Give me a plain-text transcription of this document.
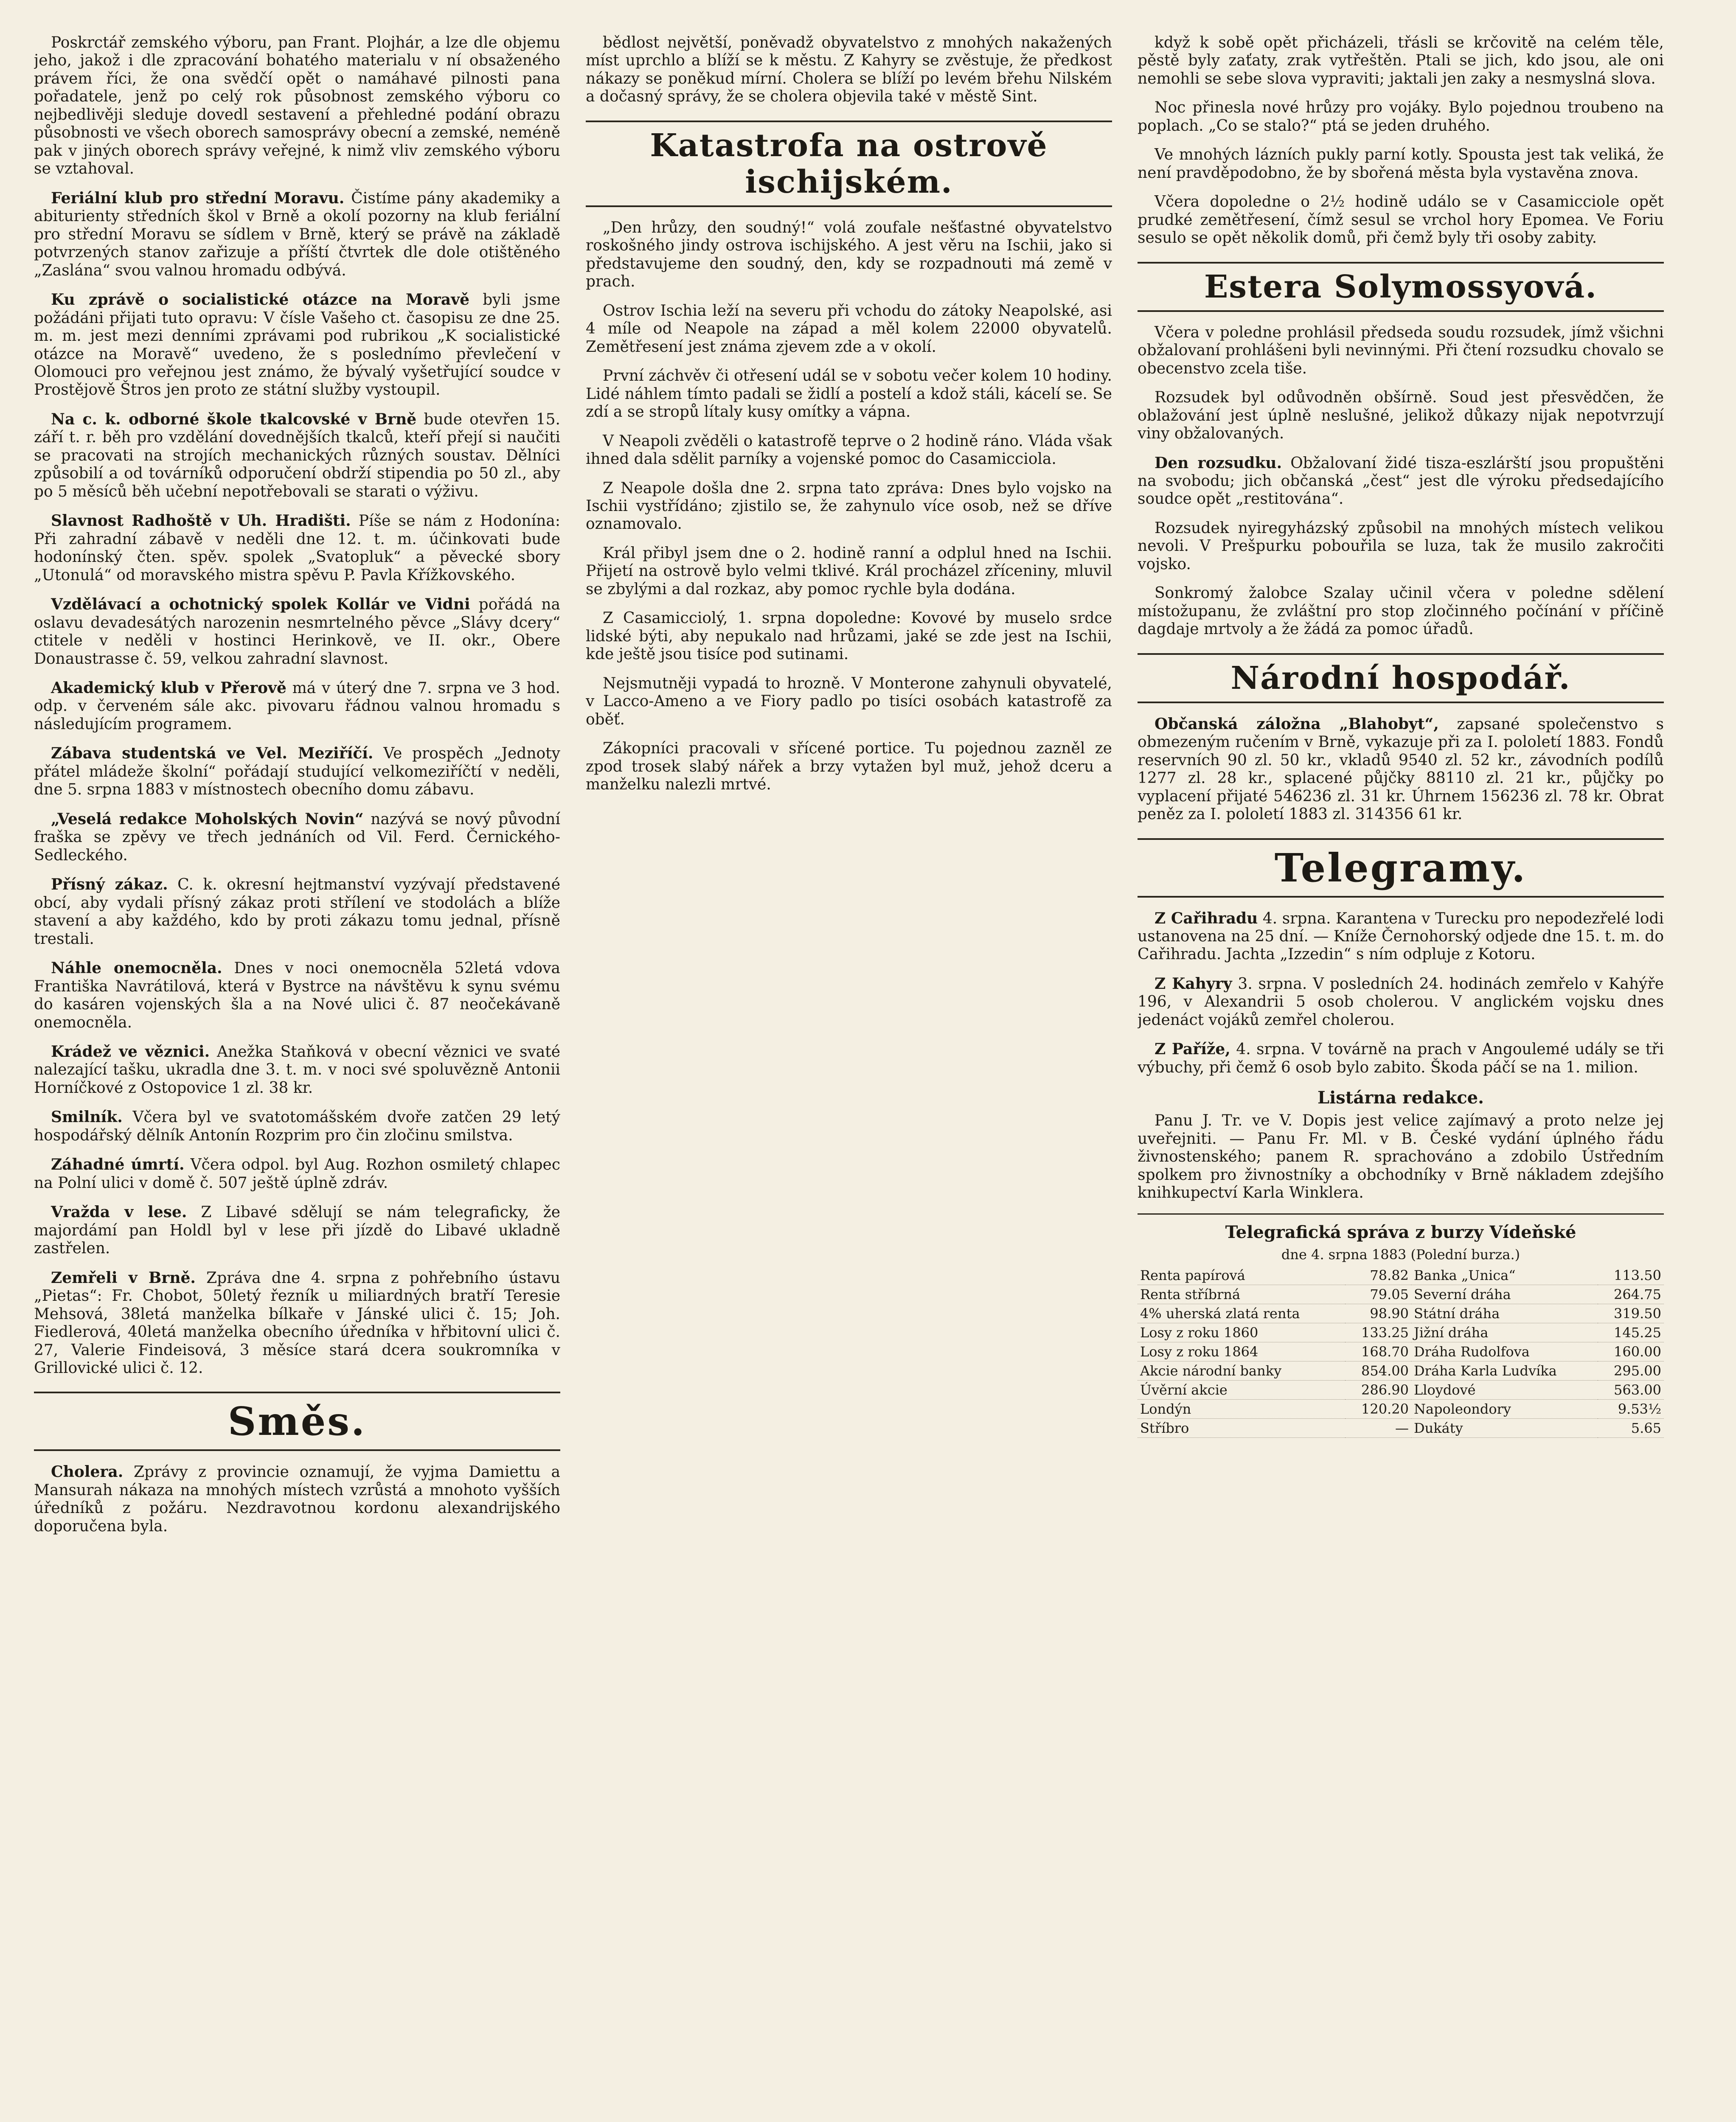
Poskrctář zemského výboru, pan Frant. Plojhár, a lze dle objemu jeho, jakož i dle zpracování bohatého materialu v ní obsaženého právem říci, že ona svědčí opět o namáhavé pilnosti pana pořadatele, jenž po celý rok působnost zemského výboru co nejbedlivěji sleduje dovedl sestavení a přehledné podání obrazu působnosti ve všech oborech samosprávy obecní a zemské, neméně pak v jiných oborech správy veřejné, k nimž vliv zemského výboru se vztahoval.

Feriální klub pro střední Moravu. Čistíme pány akademiky a abiturienty středních škol v Brně a okolí pozorny na klub feriální pro střední Moravu se sídlem v Brně, který se právě na základě potvrzených stanov zařizuje a příští čtvrtek dle dole otištěného „Zaslána“ svou valnou hromadu odbývá.

Ku zprávě o socialistické otázce na Moravě byli jsme požádáni přijati tuto opravu: V čísle Vašeho ct. časopisu ze dne 25. m. m. jest mezi denními zprávami pod rubrikou „K socialistické otázce na Moravě“ uvedeno, že s poslednímo převlečení v Olomouci pro veřejnou jest známo, že bývalý vyšetřující soudce v Prostějově Štros jen proto ze státní služby vystoupil.

Na c. k. odborné škole tkalcovské v Brně bude otevřen 15. září t. r. běh pro vzdělání dovednějších tkalců, kteří přejí si naučiti se pracovati na strojích mechanických různých soustav. Dělníci způsobilí a od továrníků odporučení obdrží stipendia po 50 zl., aby po 5 měsíců běh učební nepotřebovali se starati o výživu.

Slavnost Radhoště v Uh. Hradišti. Píše se nám z Hodonína: Při zahradní zábavě v neděli dne 12. t. m. účinkovati bude hodonínský čten. spěv. spolek „Svatopluk“ a pěvecké sbory „Utonulá“ od moravského mistra spěvu P. Pavla Křížkovského.

Vzdělávací a ochotnický spolek Kollár ve Vidni pořádá na oslavu devadesátých narozenin nesmrtelného pěvce „Slávy dcery“ ctitele v neděli v hostinci Herinkově, ve II. okr., Obere Donaustrasse č. 59, velkou zahradní slavnost.

Akademický klub v Přerově má v úterý dne 7. srpna ve 3 hod. odp. v červeném sále akc. pivovaru řádnou valnou hromadu s následujícím programem.

Zábava studentská ve Vel. Meziříčí. Ve prospěch „Jednoty přátel mládeže školní“ pořádají studující velkomeziříčtí v neděli, dne 5. srpna 1883 v místnostech obecního domu zábavu.

„Veselá redakce Moholských Novin“ nazývá se nový původní fraška se zpěvy ve třech jednáních od Vil. Ferd. Černického-Sedleckého.

Přísný zákaz. C. k. okresní hejtmanství vyzývají představené obcí, aby vydali přísný zákaz proti střílení ve stodolách a blíže stavení a aby každého, kdo by proti zákazu tomu jednal, přísně trestali.

Náhle onemocněla. Dnes v noci onemocněla 52letá vdova Františka Navrátilová, která v Bystrce na návštěvu k synu svému do kasáren vojenských šla a na Nové ulici č. 87 neočekávaně onemocněla.

Krádež ve věznici. Anežka Staňková v obecní věznici ve svaté nalezající tašku, ukradla dne 3. t. m. v noci své spoluvězně Antonii Horníčkové z Ostopovice 1 zl. 38 kr.

Smilník. Včera byl ve svatotomášském dvoře zatčen 29 letý hospodářský dělník Antonín Rozprim pro čin zločinu smilstva.

Záhadné úmrtí. Včera odpol. byl Aug. Rozhon osmiletý chlapec na Polní ulici v domě č. 507 ještě úplně zdráv.

Vražda v lese. Z Libavé sdělují se nám telegraficky, že majordámí pan Holdl byl v lese při jízdě do Libavé ukladně zastřelen.

Zemřeli v Brně. Zpráva dne 4. srpna z pohřebního ústavu „Pietas“: Fr. Chobot, 50letý řezník u miliardných bratří Teresie Mehsová, 38letá manželka bílkaře v Jánské ulici č. 15; Joh. Fiedlerová, 40letá manželka obecního úředníka v hřbitovní ulici č. 27, Valerie Findeisová, 3 měsíce stará dcera soukromníka v Grillovické ulici č. 12.

Směs.

Cholera. Zprávy z provincie oznamují, že vyjma Damiettu a Mansurah nákaza na mnohých místech vzrůstá a mnohoto vyšších úředníků z požáru. Nezdravotnou kordonu alexandrijského doporučena byla.

bědlost největší, poněvadž obyvatelstvo z mnohých nakažených míst uprchlo a blíží se k městu. Z Kahyry se zvěstuje, že předkost nákazy se poněkud mírní. Cholera se blíží po levém břehu Nilském a dočasný správy, že se cholera objevila také v městě Sint.

Katastrofa na ostrově ischijském.

„Den hrůzy, den soudný!“ volá zoufale nešťastné obyvatelstvo roskošného jindy ostrova ischijského. A jest věru na Ischii, jako si představujeme den soudný, den, kdy se rozpadnouti má země v prach.

Ostrov Ischia leží na severu při vchodu do zátoky Neapolské, asi 4 míle od Neapole na západ a měl kolem 22000 obyvatelů. Zemětřesení jest známa zjevem zde a v okolí.

První záchvěv či otřesení udál se v sobotu večer kolem 10 hodiny. Lidé náhlem tímto padali se židlí a postelí a kdož stáli, kácelí se. Se zdí a se stropů lítaly kusy omítky a vápna.

V Neapoli zvěděli o katastrofě teprve o 2 hodině ráno. Vláda však ihned dala sdělit parníky a vojenské pomoc do Casamicciola.

Z Neapole došla dne 2. srpna tato zpráva: Dnes bylo vojsko na Ischii vystřídáno; zjistilo se, že zahynulo více osob, než se dříve oznamovalo.

Král přibyl jsem dne o 2. hodině ranní a odplul hned na Ischii. Přijetí na ostrově bylo velmi tklivé. Král procházel zříceniny, mluvil se zbylými a dal rozkaz, aby pomoc rychle byla dodána.

Z Casamicciolý, 1. srpna dopoledne: Kovové by muselo srdce lidské býti, aby nepukalo nad hrůzami, jaké se zde jest na Ischii, kde ještě jsou tisíce pod sutinami.

Nejsmutněji vypadá to hrozně. V Monterone zahynuli obyvatelé, v Lacco-Ameno a ve Fiory padlo po tisíci osobách katastrofě za oběť.

Zákopníci pracovali v sřícené portice. Tu pojednou zazněl ze zpod trosek slabý nářek a brzy vytažen byl muž, jehož dceru a manželku nalezli mrtvé.

když k sobě opět přicházeli, třásli se krčovitě na celém těle, pěstě byly zaťaty, zrak vytřeštěn. Ptali se jich, kdo jsou, ale oni nemohli se sebe slova vypraviti; jaktali jen zaky a nesmyslná slova.

Noc přinesla nové hrůzy pro vojáky. Bylo pojednou troubeno na poplach. „Co se stalo?“ ptá se jeden druhého.

Ve mnohých lázních pukly parní kotly. Spousta jest tak veliká, že není pravděpodobno, že by sbořená města byla vystavěna znova.

Včera dopoledne o 2½ hodině událo se v Casamicciole opět prudké zemětřesení, čímž sesul se vrchol hory Epomea. Ve Foriu sesulo se opět několik domů, při čemž byly tři osoby zabity.

Estera Solymossyová.

Včera v poledne prohlásil předseda soudu rozsudek, jímž všichni obžalovaní prohlášeni byli nevinnými. Při čtení rozsudku chovalo se obecenstvo zcela tiše.

Rozsudek byl odůvodněn obšírně. Soud jest přesvědčen, že oblažování jest úplně neslušné, jelikož důkazy nijak nepotvrzují viny obžalovaných.

Den rozsudku. Obžalovaní židé tisza-eszlárští jsou propuštěni na svobodu; jich občanská „čest“ jest dle výroku předsedajícího soudce opět „restitována“.

Rozsudek nyiregyházský způsobil na mnohých místech velikou nevoli. V Prešpurku pobouřila se luza, tak že musilo zakročiti vojsko.

Sonkromý žalobce Szalay učinil včera v poledne sdělení místožupanu, že zvláštní pro stop zločinného počínání v příčině dagdaje mrtvoly a že žádá za pomoc úřadů.

Národní hospodář.

Občanská záložna „Blahobyt“, zapsané společenstvo s obmezeným ručením v Brně, vykazuje při za I. pololetí 1883. Fondů reservních 90 zl. 50 kr., vkladů 9540 zl. 52 kr., závodních podílů 1277 zl. 28 kr., splacené půjčky 88110 zl. 21 kr., půjčky po vyplacení přijaté 546236 zl. 31 kr. Úhrnem 156236 zl. 78 kr. Obrat peněz za I. pololetí 1883 zl. 314356 61 kr.

Telegramy.

Z Cařihradu 4. srpna. Karantena v Turecku pro nepodezřelé lodi ustanovena na 25 dní. — Kníže Černohorský odjede dne 15. t. m. do Cařihradu. Jachta „Izzedin“ s ním odpluje z Kotoru.

Z Kahyry 3. srpna. V posledních 24. hodinách zemřelo v Kahýře 196, v Alexandrii 5 osob cholerou. V anglickém vojsku dnes jedenáct vojáků zemřel cholerou.

Z Paříže, 4. srpna. V továrně na prach v Angoulemé udály se tři výbuchy, při čemž 6 osob bylo zabito. Škoda páčí se na 1. milion.

Listárna redakce.

Panu J. Tr. ve V. Dopis jest velice zajímavý a proto nelze jej uveřejniti. — Panu Fr. Ml. v B. České vydání úplného řádu živnostenského; panem R. sprachováno a zdobilo Ústředním spolkem pro živnostníky a obchodníky v Brně nákladem zdejšího knihkupectví Karla Winklera.

Telegrafická správa z burzy Vídeňské
dne 4. srpna 1883 (Polední burza.)
Renta papírová	78.82	Banka „Unica“	113.50
Renta stříbrná	79.05	Severní dráha	264.75
4% uherská zlatá renta	98.90	Státní dráha	319.50
Losy z roku 1860	133.25	Jižní dráha	145.25
Losy z roku 1864	168.70	Dráha Rudolfova	160.00
Akcie národní banky	854.00	Dráha Karla Ludvíka	295.00
Úvěrní akcie	286.90	Lloydové	563.00
Londýn	120.20	Napoleondory	9.53½
Stříbro	—	Dukáty	5.65
